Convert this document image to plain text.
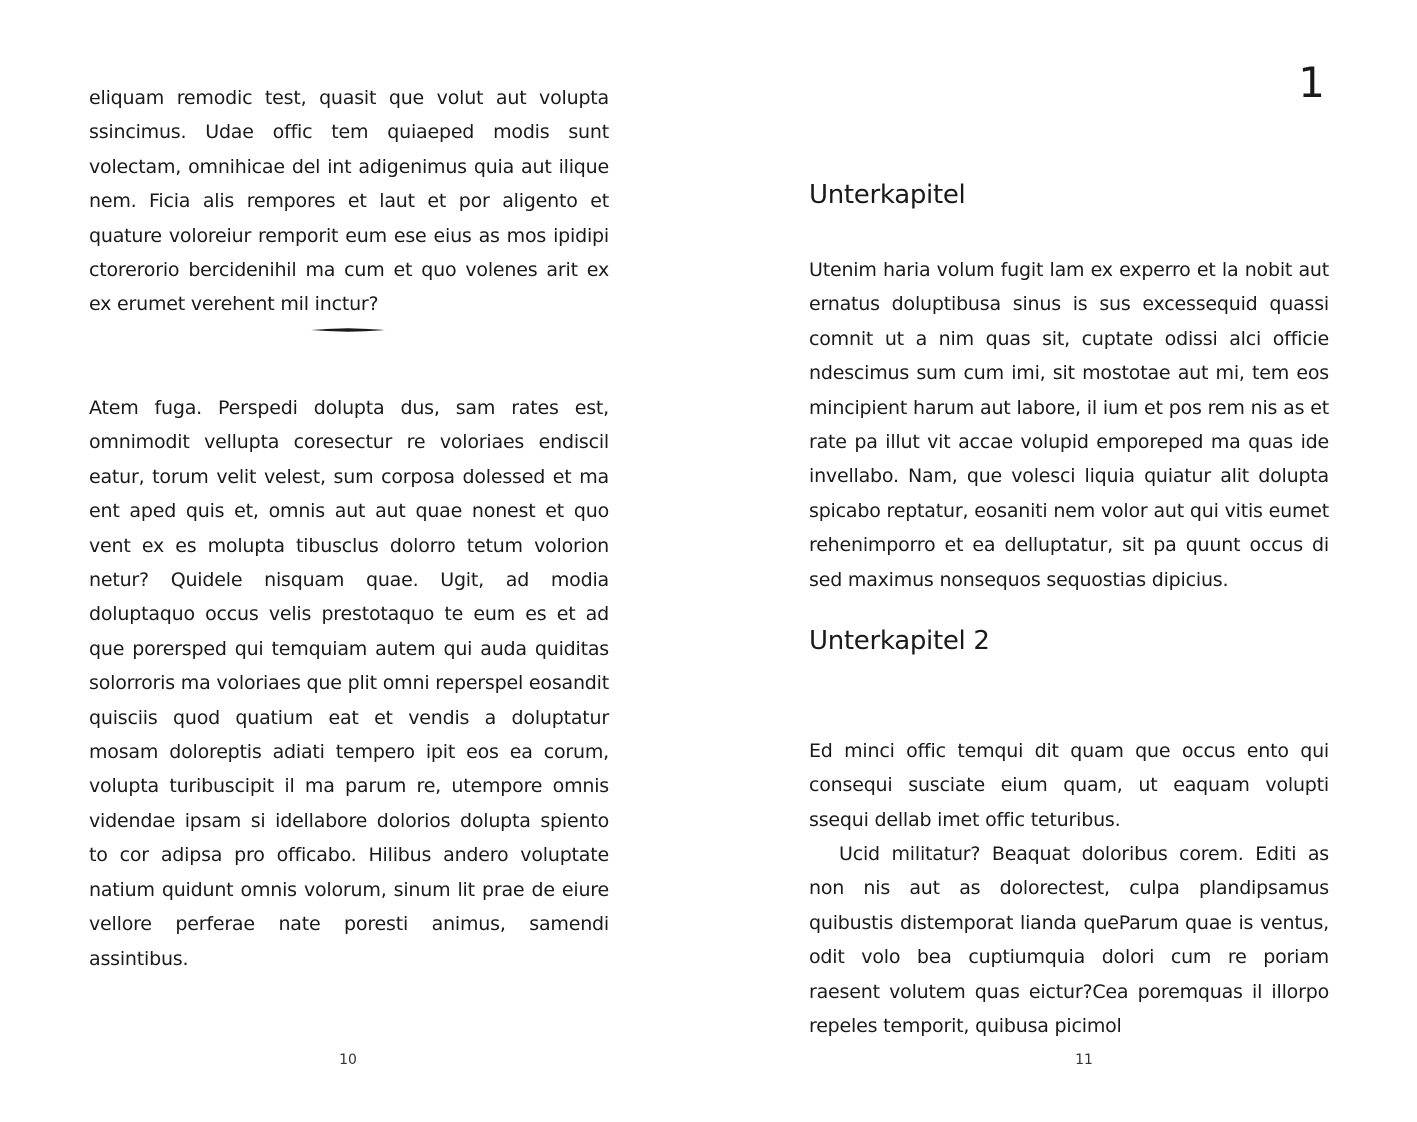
eliquam remodic test, quasit que volut aut volupta ssincimus. Udae offic tem quiaeped modis sunt volectam, omnihicae del int adigenimus quia aut ilique nem. Ficia alis rempores et laut et por aligento et quature voloreiur remporit eum ese eius as mos ipidipi ctorerorio bercidenihil ma cum et quo volenes arit ex ex erumet verehent mil inctur?

Atem fuga. Perspedi dolupta dus, sam rates est, omnimodit vellupta coresectur re voloriaes endiscil eatur, torum velit velest, sum corposa dolessed et ma ent aped quis et, omnis aut aut quae nonest et quo vent ex es molupta tibusclus dolorro tetum volorion netur? Quidele nisquam quae. Ugit, ad modia doluptaquo occus velis prestotaquo te eum es et ad que porersped qui temquiam autem qui auda quiditas solorroris ma voloriaes que plit omni reperspel eosandit quisciis quod quatium eat et vendis a doluptatur mosam doloreptis adiati tempero ipit eos ea corum, volupta turibuscipit il ma parum re, utempore omnis videndae ipsam si idellabore dolorios dolupta spiento to cor adipsa pro officabo. Hilibus andero voluptate natium quidunt omnis volorum, sinum lit prae de eiure vellore perferae nate poresti animus, samendi assintibus.

10
1
Unterkapitel

Utenim haria volum fugit lam ex experro et la nobit aut ernatus doluptibusa sinus is sus excessequid quassi comnit ut a nim quas sit, cuptate odissi alci officie ndescimus sum cum imi, sit mostotae aut mi, tem eos mincipient harum aut labore, il ium et pos rem nis as et rate pa illut vit accae volupid emporeped ma quas ide invellabo. Nam, que volesci liquia quiatur alit dolupta spicabo reptatur, eosaniti nem volor aut qui vitis eumet rehenimporro et ea delluptatur, sit pa quunt occus di sed maximus nonsequos sequostias dipicius.

Unterkapitel 2

Ed minci offic temqui dit quam que occus ento qui consequi susciate eium quam, ut eaquam volupti ssequi dellab imet offic teturibus.

Ucid militatur? Beaquat doloribus corem. Editi as non nis aut as dolorectest, culpa plandipsamus quibustis distemporat lianda queParum quae is ventus, odit volo bea cuptiumquia dolori cum re poriam raesent volutem quas eictur?Cea poremquas il illorpo repeles temporit, quibusa picimol

11
